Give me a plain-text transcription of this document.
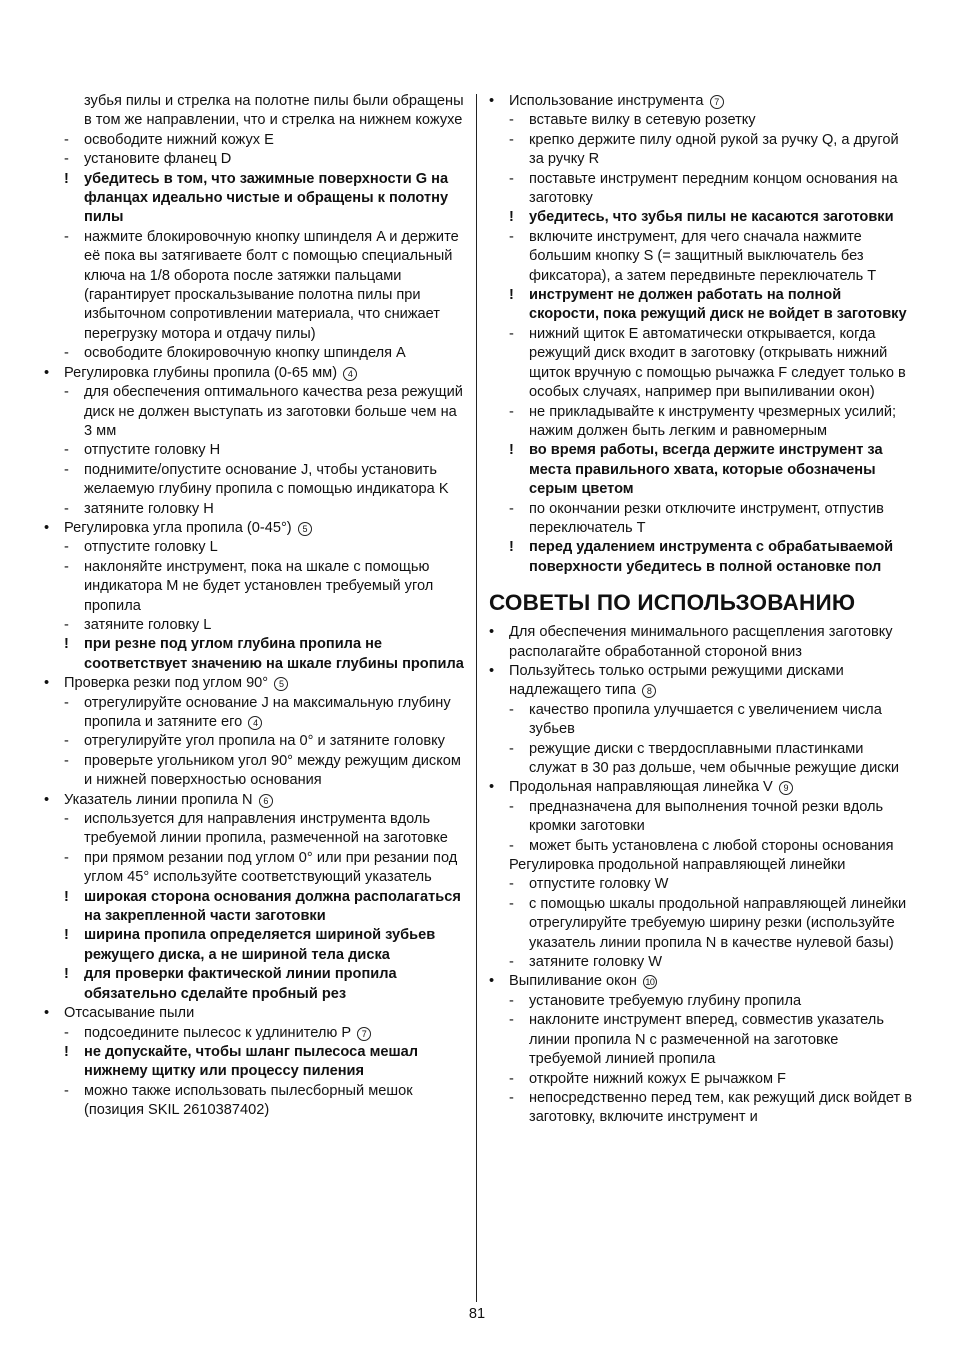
зубья пилы и стрелка на полотне пилы были обращены в том же направлении, что и стрелка на нижнем кожухе
- освободите нижний кожух E
- установите фланец D
! убедитесь в том, что зажимные поверхности G на фланцах идеально чистые и обращены к полотну пилы
- нажмите блокировочную кнопку шпинделя A и держите её пока вы затягиваете болт с помощью специальный ключа на 1/8 оборота после затяжки пальцами (гарантирует проскальзывание полотна пилы при избыточном сопротивлении материала, что снижает перегрузку мотора и отдачу пилы)
- освободите блокировочную кнопку шпинделя A
• Регулировка глубины пропила (0-65 мм) 4
- для обеспечения оптимального качества реза режущий диск не должен выступать из заготовки больше чем на 3 мм
- отпустите головку H
- поднимите/опустите основание J, чтобы установить желаемую глубину пропила с помощью индикатора K
- затяните головку H
• Регулировка угла пропила (0-45°) 5
- отпустите головку L
- наклоняйте инструмент, пока на шкале с помощью индикатора M не будет установлен требуемый угол пропила
- затяните головку L
! при резне под углом глубина пропила не соответствует значению на шкале глубины пропила
• Проверка резки под углом 90° 5
- отрегулируйте основание J на максимальную глубину пропила и затяните его 4
- отрегулируйте угол пропила на 0° и затяните головку
- проверьте угольником угол 90° между режущим диском и нижней поверхностью основания
• Указатель линии пропила N 6
- используется для направления инструмента вдоль требуемой линии пропила, размеченной на заготовке
- при прямом резании под углом 0° или при резании под углом 45° используйте соответствующий указатель
! широкая сторона основания должна располагаться на закрепленной части заготовки
! ширина пропила определяется шириной зубьев режущего диска, а не шириной тела диска
! для проверки фактической линии пропила обязательно сделайте пробный рез
• Отсасывание пыли
- подсоедините пылесос к удлинителю P 7
! не допускайте, чтобы шланг пылесоса мешал нижнему щитку или процессу пиления
- можно также использовать пылесборный мешок (позиция SKIL 2610387402)
• Использование инструмента 7
- вставьте вилку в сетевую розетку
- крепко держите пилу одной рукой за ручку Q, а другой за ручку R
- поставьте инструмент передним концом основания на заготовку
! убедитесь, что зубья пилы не касаются заготовки
- включите инструмент, для чего сначала нажмите большим кнопку S (= защитный выключатель без фиксатора), а затем передвиньте переключатель T
! инструмент не должен работать на полной скорости, пока режущий диск не войдет в заготовку
- нижний щиток E автоматически открывается, когда режущий диск входит в заготовку (открывать нижний щиток вручную с помощью рычажка F следует только в особых случаях, например при выпиливании окон)
- не прикладывайте к инструменту чрезмерных усилий; нажим должен быть легким и равномерным
! во время работы, всегда держите инструмент за места правильного хвата, которые обозначены серым цветом
- по окончании резки отключите инструмент, отпустив переключатель T
! перед удалением инструмента с обрабатываемой поверхности убедитесь в полной остановке пол
СОВЕТЫ ПО ИСПОЛЬЗОВАНИЮ
• Для обеспечения минимального расщепления заготовку располагайте обработанной стороной вниз
• Пользуйтесь только острыми режущими дисками надлежащего типа 8
- качество пропила улучшается с увеличением числа зубьев
- режущие диски с твердосплавными пластинками служат в 30 раз дольше, чем обычные режущие диски
• Продольная направляющая линейка V 9
- предназначена для выполнения точной резки вдоль кромки заготовки
- может быть установлена с любой стороны основания
Регулировка продольной направляющей линейки
- отпустите головку W
- с помощью шкалы продольной направляющей линейки отрегулируйте требуемую ширину резки (используйте указатель линии пропила N в качестве нулевой базы)
- затяните головку W
• Выпиливание окон 10
- установите требуемую глубину пропила
- наклоните инструмент вперед, совместив указатель линии пропила N с размеченной на заготовке требуемой линией пропила
- откройте нижний кожух E рычажком F
- непосредственно перед тем, как режущий диск войдет в заготовку, включите инструмент и
81
